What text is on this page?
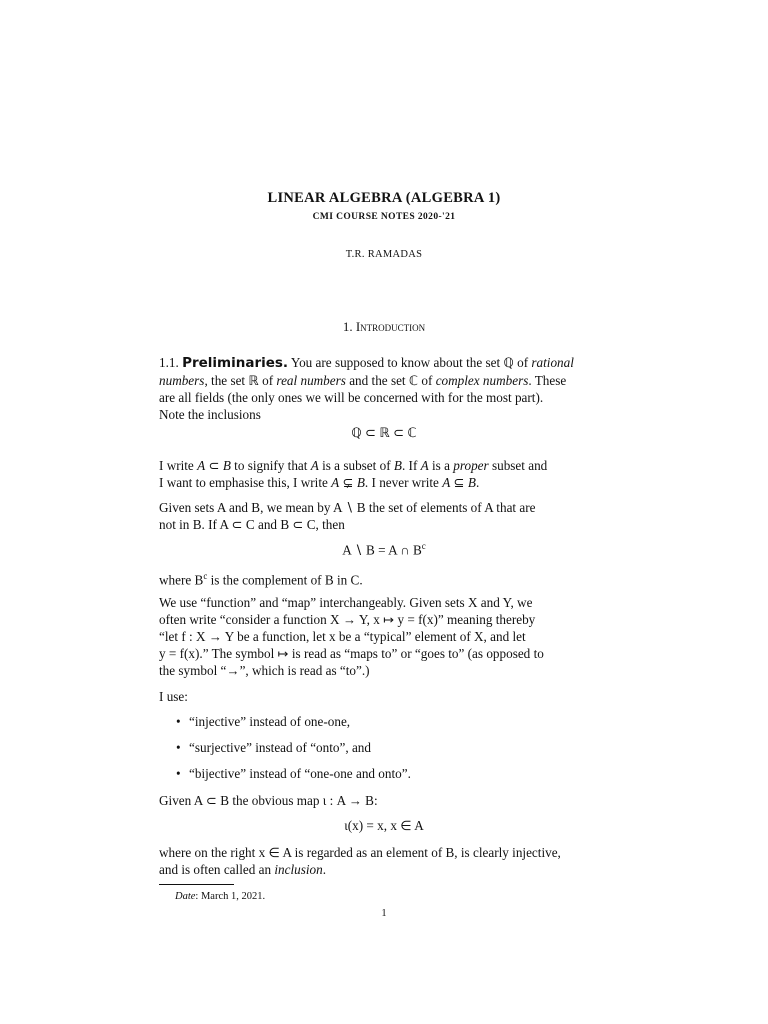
LINEAR ALGEBRA (ALGEBRA 1)
CMI COURSE NOTES 2020-'21
T.R. RAMADAS
1. Introduction
1.1. Preliminaries. You are supposed to know about the set ℚ of rational
numbers, the set ℝ of real numbers and the set ℂ of complex numbers. These
are all fields (the only ones we will be concerned with for the most part).
Note the inclusions
ℚ ⊂ ℝ ⊂ ℂ
I write A ⊂ B to signify that A is a subset of B. If A is a proper subset and
I want to emphasise this, I write A ⊊ B. I never write A ⊆ B.
Given sets A and B, we mean by A ∖ B the set of elements of A that are
not in B. If A ⊂ C and B ⊂ C, then
A ∖ B = A ∩ $B^c$
where $B^c$ is the complement of B in C.
We use “function” and “map” interchangeably. Given sets X and Y, we
often write “consider a function X → Y, x ↦ y = f(x)” meaning thereby
“let f : X → Y be a function, let x be a “typical” element of X, and let
y = f(x).” The symbol ↦ is read as “maps to” or “goes to” (as opposed to
the symbol “→”, which is read as “to”.)
I use:
• “injective” instead of one-one,
• “surjective” instead of “onto”, and
• “bijective” instead of “one-one and onto”.
Given A ⊂ B the obvious map ι : A → B:
ι(x) = x, x ∈ A
where on the right x ∈ A is regarded as an element of B, is clearly injective,
and is often called an inclusion.
Date: March 1, 2021.
1
